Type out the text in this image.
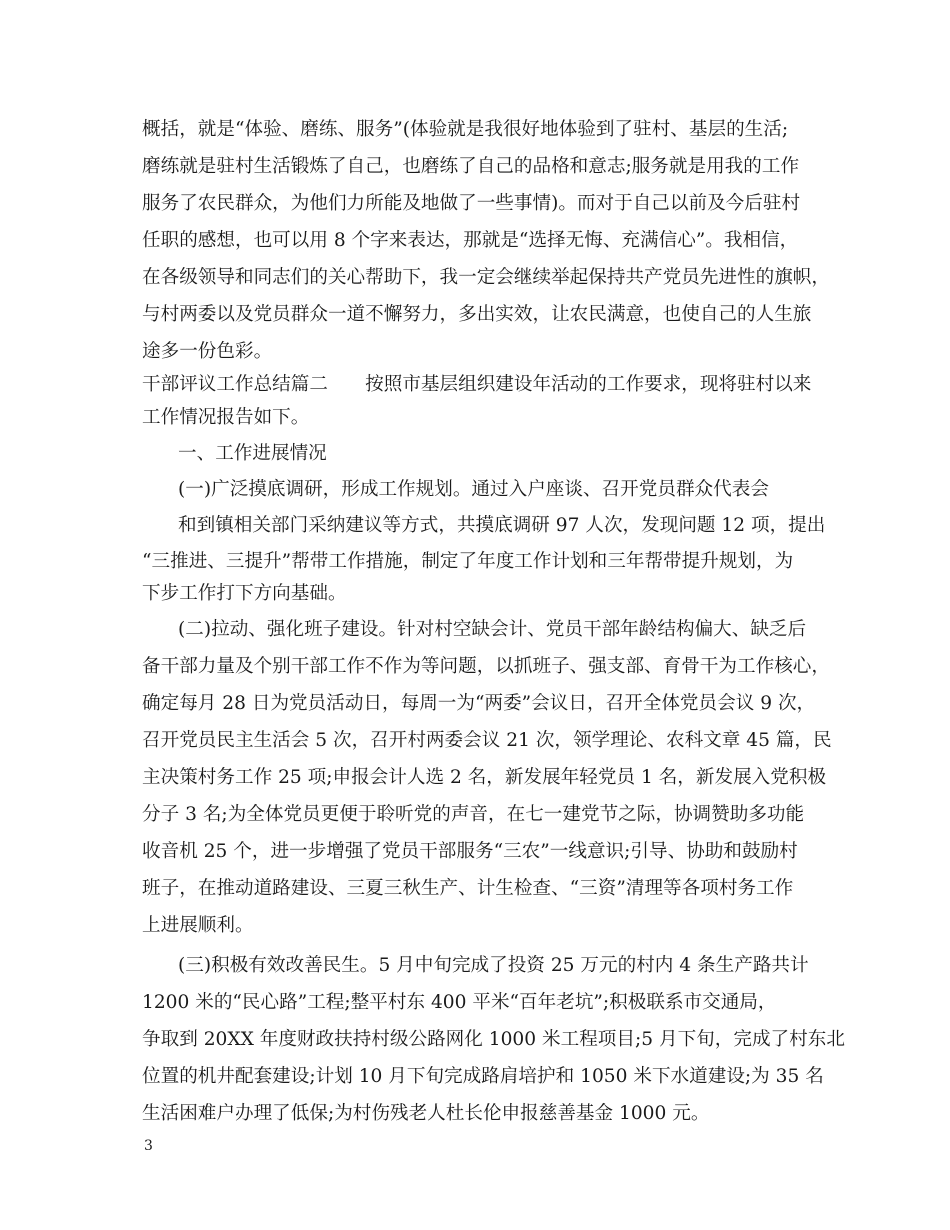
概括，就是“体验、磨练、服务”(体验就是我很好地体验到了驻村、基层的生活;
磨练就是驻村生活锻炼了自己，也磨练了自己的品格和意志;服务就是用我的工作
服务了农民群众，为他们力所能及地做了一些事情)。而对于自己以前及今后驻村
任职的感想，也可以用 8 个字来表达，那就是“选择无悔、充满信心”。我相信，
在各级领导和同志们的关心帮助下，我一定会继续举起保持共产党员先进性的旗帜，
与村两委以及党员群众一道不懈努力，多出实效，让农民满意，也使自己的人生旅
途多一份色彩。
干部评议工作总结篇二　　按照市基层组织建设年活动的工作要求，现将驻村以来
工作情况报告如下。
一、工作进展情况
(一)广泛摸底调研，形成工作规划。通过入户座谈、召开党员群众代表会
和到镇相关部门采纳建议等方式，共摸底调研 97 人次，发现问题 12 项，提出
“三推进、三提升”帮带工作措施，制定了年度工作计划和三年帮带提升规划，为
下步工作打下方向基础。
(二)拉动、强化班子建设。针对村空缺会计、党员干部年龄结构偏大、缺乏后
备干部力量及个别干部工作不作为等问题，以抓班子、强支部、育骨干为工作核心，
确定每月 28 日为党员活动日，每周一为“两委”会议日，召开全体党员会议 9 次，
召开党员民主生活会 5 次，召开村两委会议 21 次，领学理论、农科文章 45 篇，民
主决策村务工作 25 项;申报会计人选 2 名，新发展年轻党员 1 名，新发展入党积极
分子 3 名;为全体党员更便于聆听党的声音，在七一建党节之际，协调赞助多功能
收音机 25 个，进一步增强了党员干部服务“三农”一线意识;引导、协助和鼓励村
班子，在推动道路建设、三夏三秋生产、计生检查、“三资”清理等各项村务工作
上进展顺利。
(三)积极有效改善民生。5 月中旬完成了投资 25 万元的村内 4 条生产路共计
1200 米的“民心路”工程;整平村东 400 平米“百年老坑”;积极联系市交通局，
争取到 20XX 年度财政扶持村级公路网化 1000 米工程项目;5 月下旬，完成了村东北
位置的机井配套建设;计划 10 月下旬完成路肩培护和 1050 米下水道建设;为 35 名
生活困难户办理了低保;为村伤残老人杜长伦申报慈善基金 1000 元。
3
